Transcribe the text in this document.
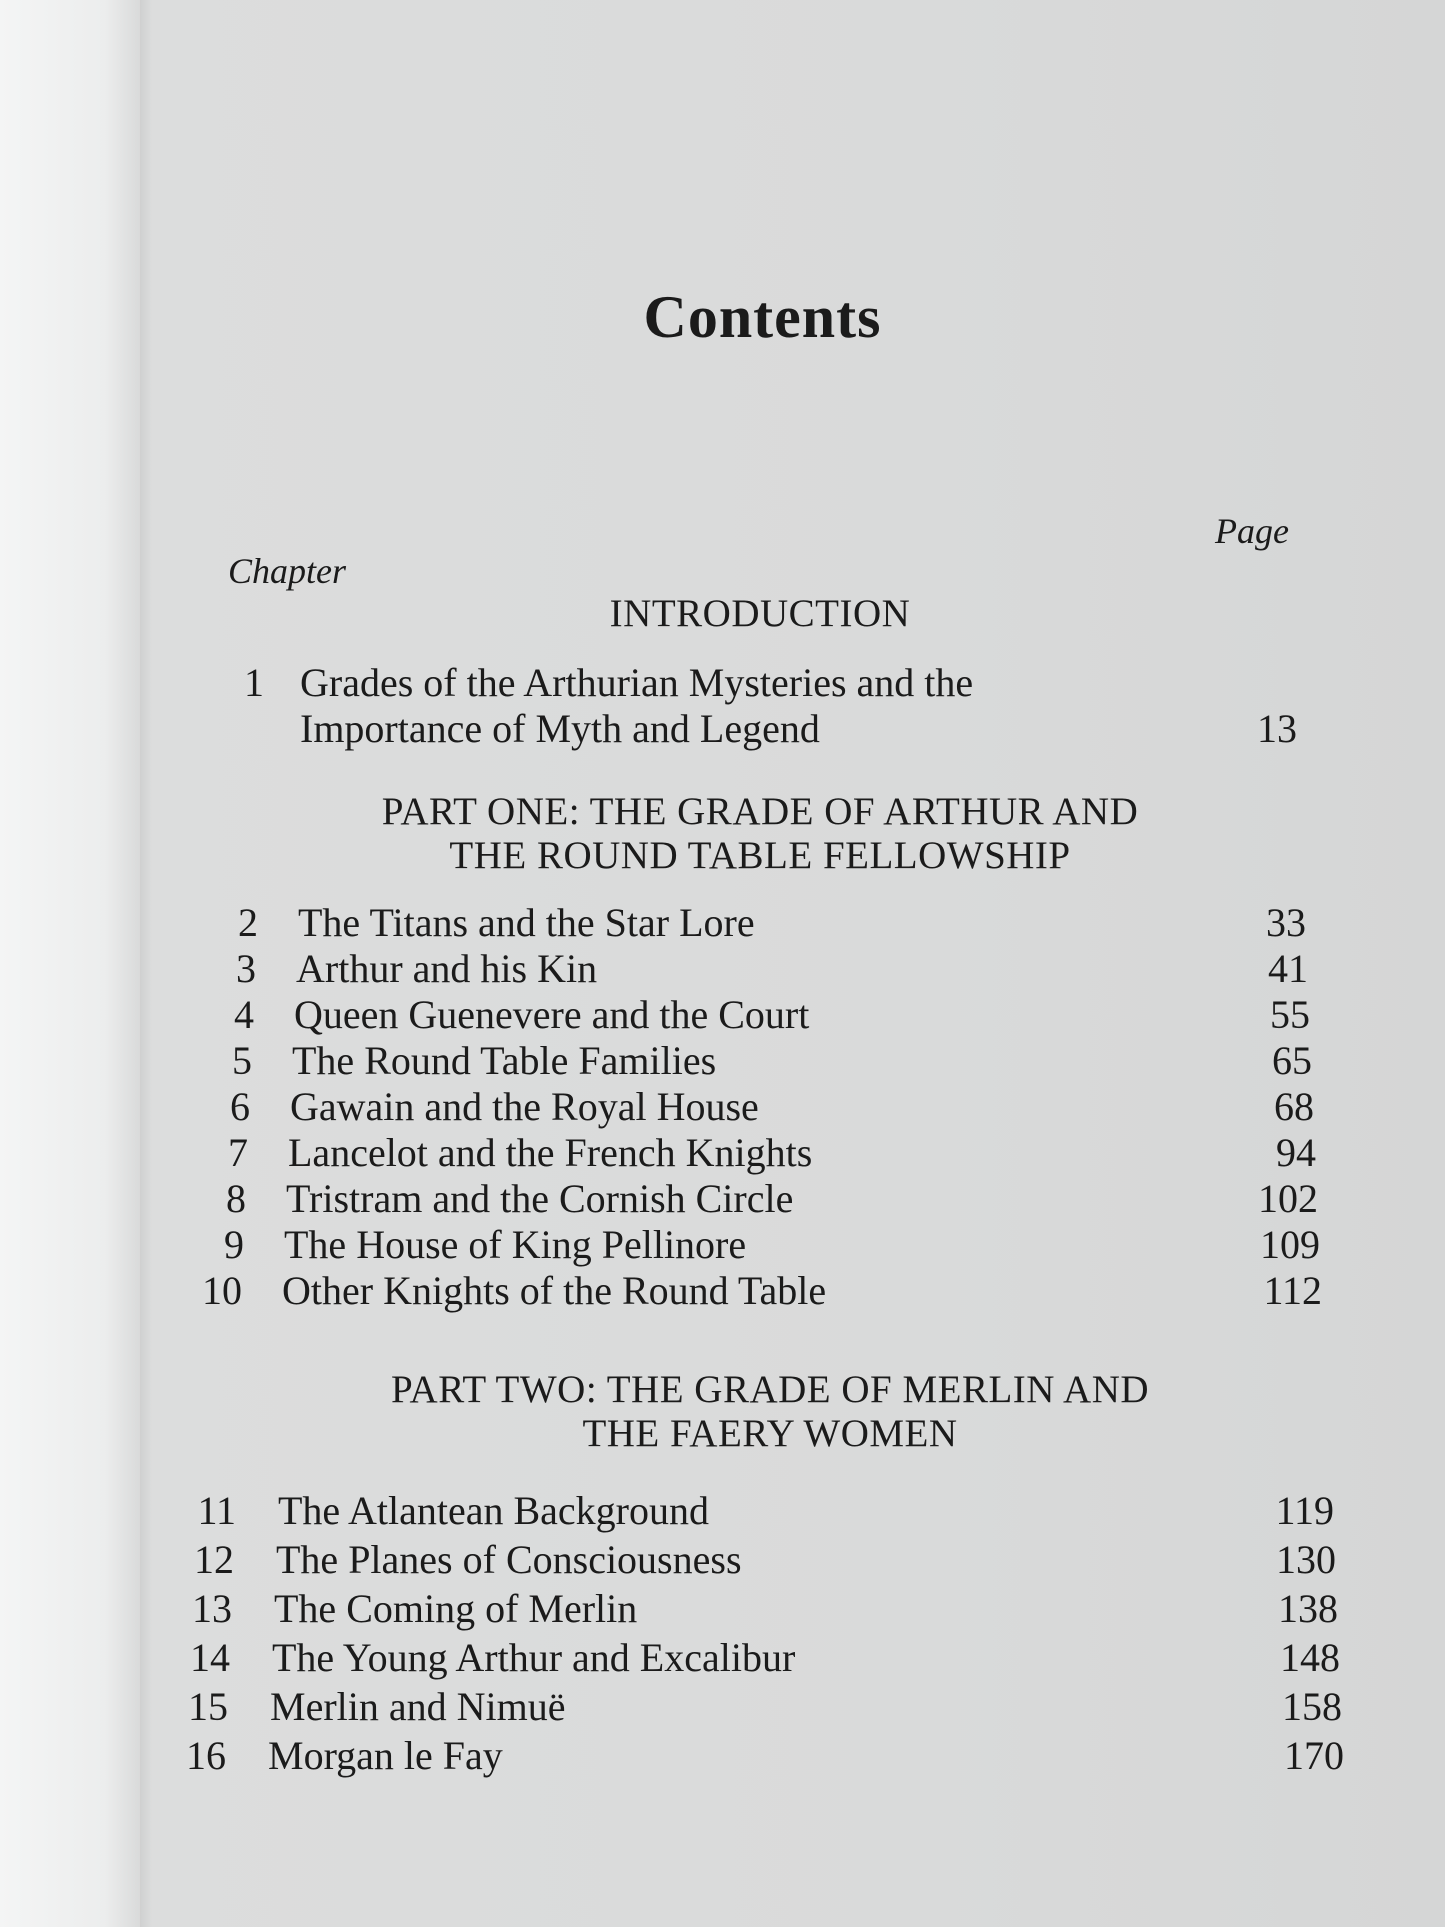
Contents
Page
Chapter
INTRODUCTION
1 Grades of the Arthurian Mysteries and the
Importance of Myth and Legend	13
PART ONE: THE GRADE OF ARTHUR AND
THE ROUND TABLE FELLOWSHIP
2 The Titans and the Star Lore	33
3 Arthur and his Kin	41
4 Queen Guenevere and the Court	55
5 The Round Table Families	65
6 Gawain and the Royal House	68
7 Lancelot and the French Knights	94
8 Tristram and the Cornish Circle	102
9 The House of King Pellinore	109
10 Other Knights of the Round Table	112
PART TWO: THE GRADE OF MERLIN AND
THE FAERY WOMEN
11 The Atlantean Background	119
12 The Planes of Consciousness	130
13 The Coming of Merlin	138
14 The Young Arthur and Excalibur	148
15 Merlin and Nimuë	158
16 Morgan le Fay	170
